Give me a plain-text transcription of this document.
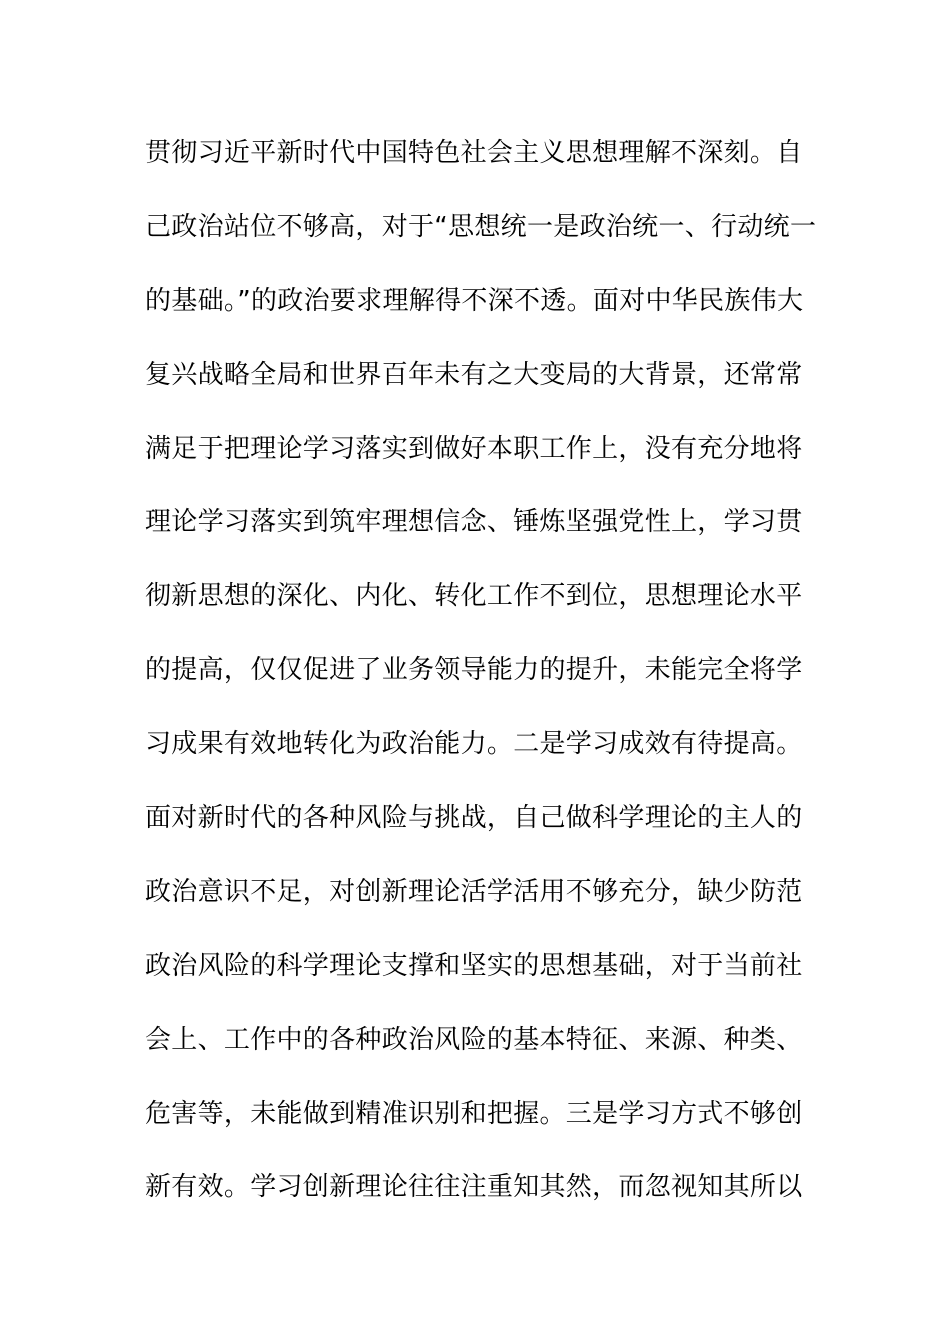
贯彻习近平新时代中国特色社会主义思想理解不深刻。自
己政治站位不够高，对于“思想统一是政治统一、行动统一
的基础。”的政治要求理解得不深不透。面对中华民族伟大
复兴战略全局和世界百年未有之大变局的大背景，还常常
满足于把理论学习落实到做好本职工作上，没有充分地将
理论学习落实到筑牢理想信念、锤炼坚强党性上，学习贯
彻新思想的深化、内化、转化工作不到位，思想理论水平
的提高，仅仅促进了业务领导能力的提升，未能完全将学
习成果有效地转化为政治能力。二是学习成效有待提高。
面对新时代的各种风险与挑战，自己做科学理论的主人的
政治意识不足，对创新理论活学活用不够充分，缺少防范
政治风险的科学理论支撑和坚实的思想基础，对于当前社
会上、工作中的各种政治风险的基本特征、来源、种类、
危害等，未能做到精准识别和把握。三是学习方式不够创
新有效。学习创新理论往往注重知其然，而忽视知其所以
